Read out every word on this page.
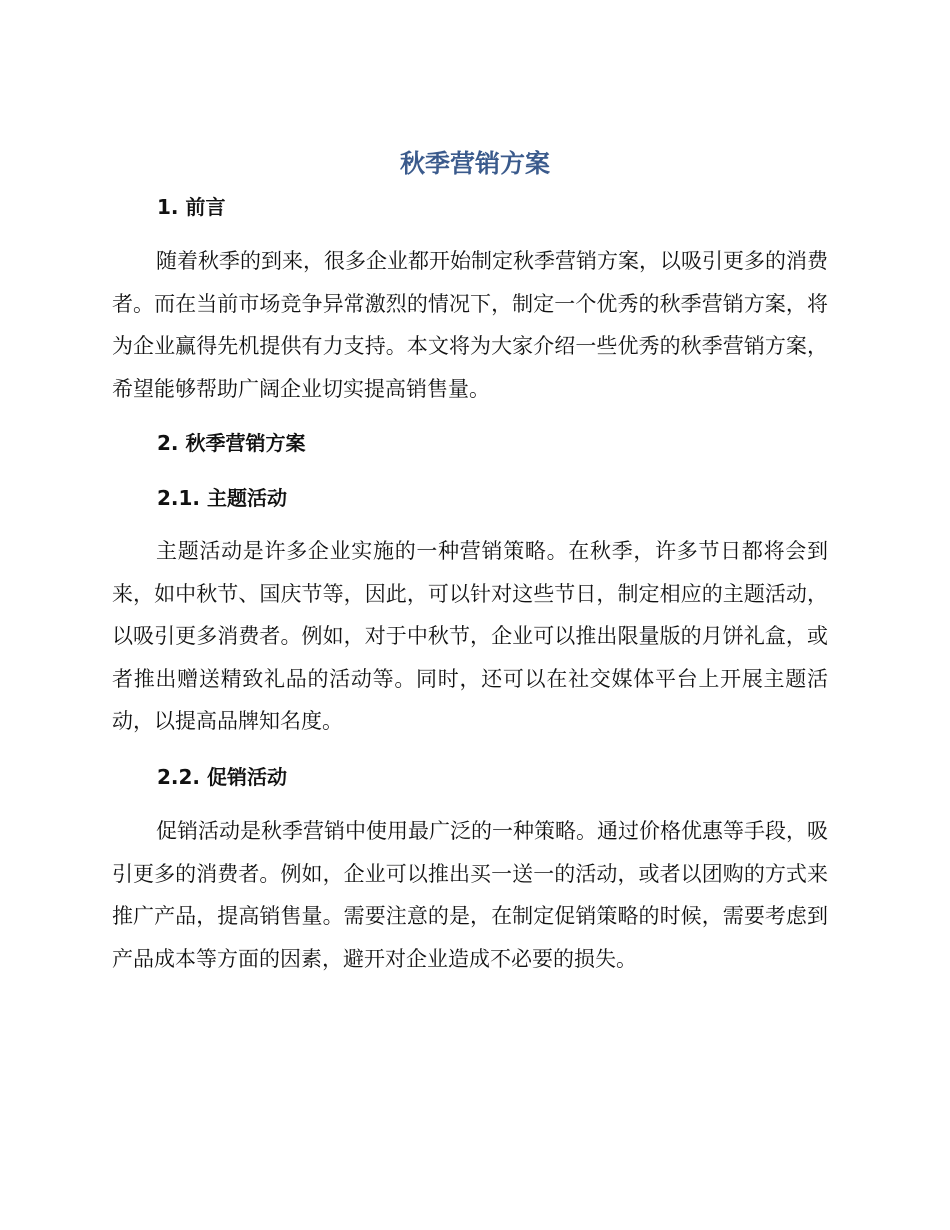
秋季营销方案
1. 前言

随着秋季的到来，很多企业都开始制定秋季营销方案，以吸引更多的消费者。而在当前市场竞争异常激烈的情况下，制定一个优秀的秋季营销方案，将为企业赢得先机提供有力支持。本文将为大家介绍一些优秀的秋季营销方案，希望能够帮助广阔企业切实提高销售量。

2. 秋季营销方案
2.1. 主题活动

主题活动是许多企业实施的一种营销策略。在秋季，许多节日都将会到来，如中秋节、国庆节等，因此，可以针对这些节日，制定相应的主题活动，以吸引更多消费者。例如，对于中秋节，企业可以推出限量版的月饼礼盒，或者推出赠送精致礼品的活动等。同时，还可以在社交媒体平台上开展主题活动，以提高品牌知名度。

2.2. 促销活动

促销活动是秋季营销中使用最广泛的一种策略。通过价格优惠等手段，吸引更多的消费者。例如，企业可以推出买一送一的活动，或者以团购的方式来推广产品，提高销售量。需要注意的是，在制定促销策略的时候，需要考虑到产品成本等方面的因素，避开对企业造成不必要的损失。
